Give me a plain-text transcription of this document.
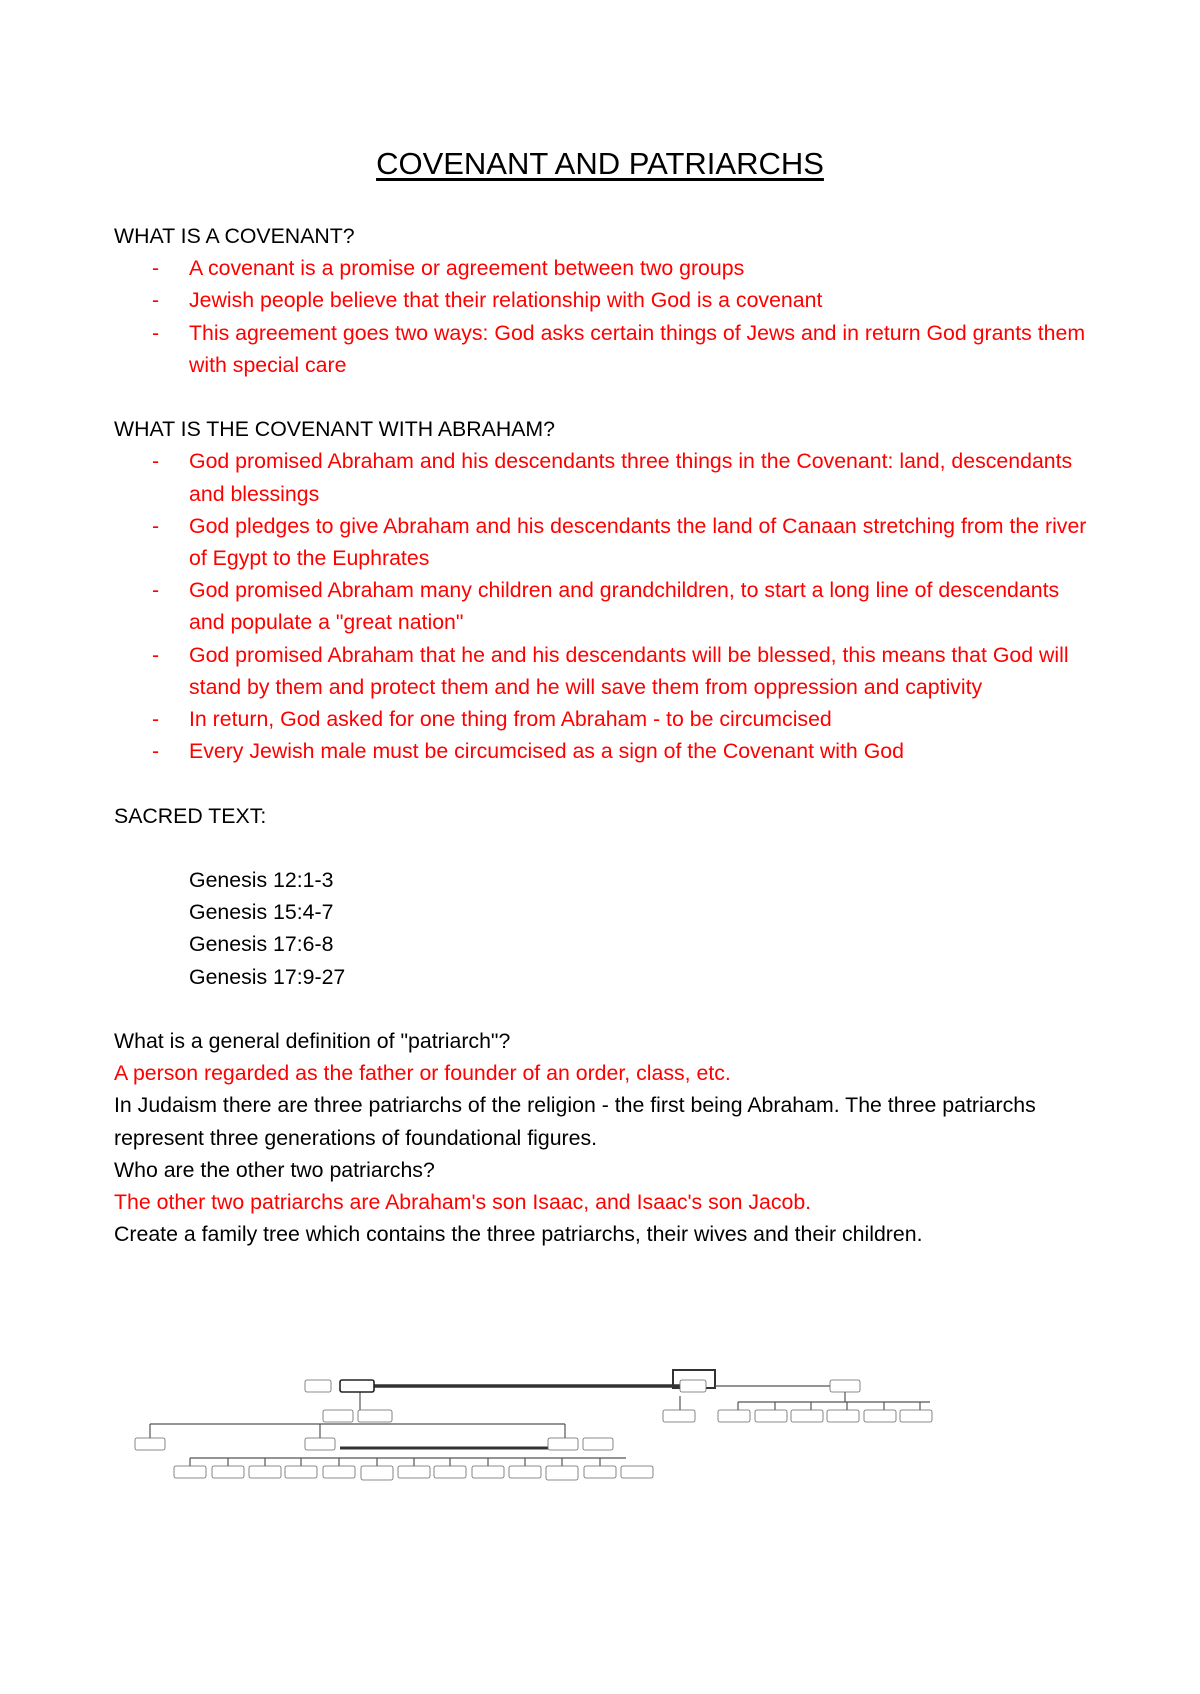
COVENANT AND PATRIARCHS

WHAT IS A COVENANT?

- A covenant is a promise or agreement between two groups
- Jewish people believe that their relationship with God is a covenant
- This agreement goes two ways: God asks certain things of Jews and in return God grants them with special care

WHAT IS THE COVENANT WITH ABRAHAM?

- God promised Abraham and his descendants three things in the Covenant: land, descendants and blessings
- God pledges to give Abraham and his descendants the land of Canaan stretching from the river of Egypt to the Euphrates
- God promised Abraham many children and grandchildren, to start a long line of descendants and populate a "great nation"
- God promised Abraham that he and his descendants will be blessed, this means that God will stand by them and protect them and he will save them from oppression and captivity
- In return, God asked for one thing from Abraham - to be circumcised
- Every Jewish male must be circumcised as a sign of the Covenant with God

SACRED TEXT:

Genesis 12:1-3

Genesis 15:4-7

Genesis 17:6-8

Genesis 17:9-27

What is a general definition of "patriarch"?

A person regarded as the father or founder of an order, class, etc.

In Judaism there are three patriarchs of the religion - the first being Abraham. The three patriarchs represent three generations of foundational figures.

Who are the other two patriarchs?

The other two patriarchs are Abraham's son Isaac, and Isaac's son Jacob.

Create a family tree which contains the three patriarchs, their wives and their children.
